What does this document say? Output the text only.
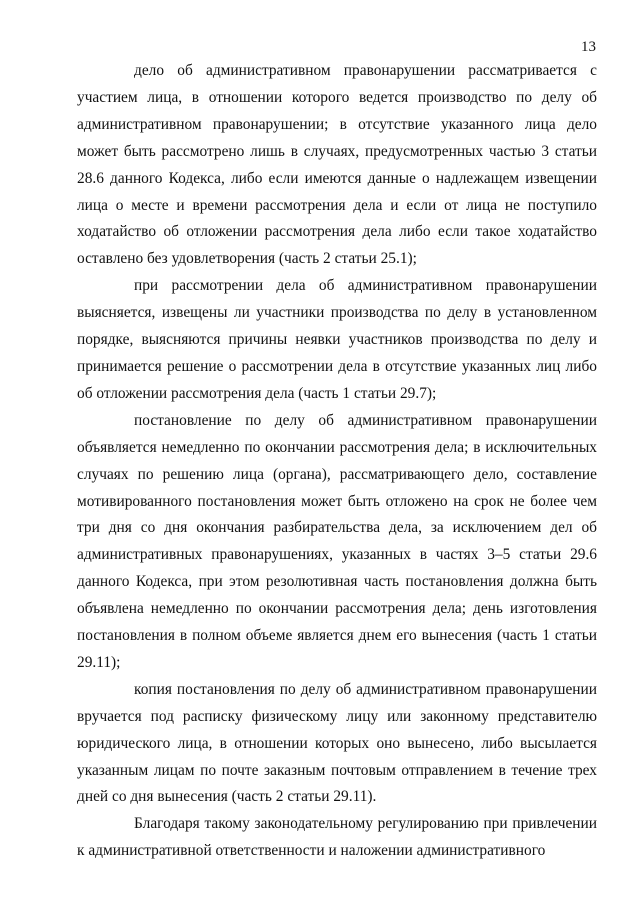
13

дело об административном правонарушении рассматривается с участием лица, в отношении которого ведется производство по делу об административном правонарушении; в отсутствие указанного лица дело может быть рассмотрено лишь в случаях, предусмотренных частью 3 статьи 28.6 данного Кодекса, либо если имеются данные о надлежащем извещении лица о месте и времени рассмотрения дела и если от лица не поступило ходатайство об отложении рассмотрения дела либо если такое ходатайство оставлено без удовлетворения (часть 2 статьи 25.1);

при рассмотрении дела об административном правонарушении выясняется, извещены ли участники производства по делу в установленном порядке, выясняются причины неявки участников производства по делу и принимается решение о рассмотрении дела в отсутствие указанных лиц либо об отложении рассмотрения дела (часть 1 статьи 29.7);

постановление по делу об административном правонарушении объявляется немедленно по окончании рассмотрения дела; в исключительных случаях по решению лица (органа), рассматривающего дело, составление мотивированного постановления может быть отложено на срок не более чем три дня со дня окончания разбирательства дела, за исключением дел об административных правонарушениях, указанных в частях 3–5 статьи 29.6 данного Кодекса, при этом резолютивная часть постановления должна быть объявлена немедленно по окончании рассмотрения дела; день изготовления постановления в полном объеме является днем его вынесения (часть 1 статьи 29.11);

копия постановления по делу об административном правонарушении вручается под расписку физическому лицу или законному представителю юридического лица, в отношении которых оно вынесено, либо высылается указанным лицам по почте заказным почтовым отправлением в течение трех дней со дня вынесения (часть 2 статьи 29.11).

Благодаря такому законодательному регулированию при привлечении к административной ответственности и наложении административного
